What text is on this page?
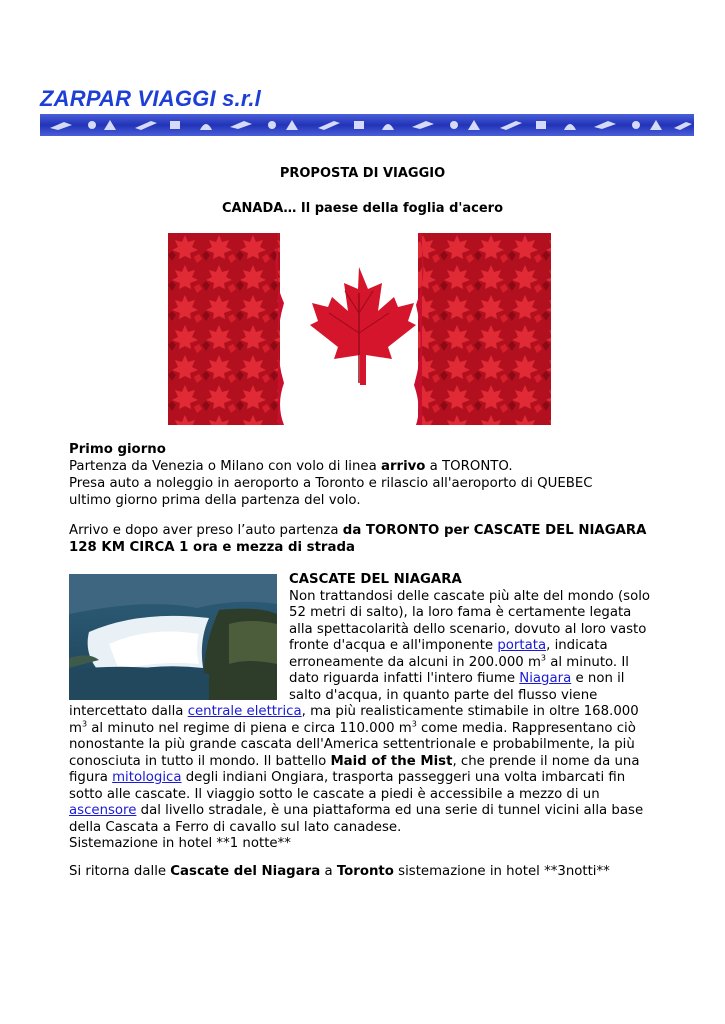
ZARPAR VIAGGI s.r.l
PROPOSTA DI VIAGGIO
CANADA… Il paese della foglia d'acero
Primo giorno
Partenza da Venezia o Milano con volo di linea arrivo a TORONTO.
Presa auto a noleggio in aeroporto a Toronto e rilascio all'aeroporto di QUEBEC
ultimo giorno prima della partenza del volo.
Arrivo e dopo aver preso l’auto partenza da TORONTO per CASCATE DEL NIAGARA 128 KM CIRCA 1 ora e mezza di strada
CASCATE DEL NIAGARA
Non trattandosi delle cascate più alte del mondo (solo 52 metri di salto), la loro fama è certamente legata alla spettacolarità dello scenario, dovuto al loro vasto fronte d'acqua e all'imponente portata, indicata erroneamente da alcuni in 200.000 $m^3$ al minuto. Il dato riguarda infatti l'intero fiume Niagara e non il salto d'acqua, in quanto parte del flusso viene intercettato dalla centrale elettrica, ma più realisticamente stimabile in oltre 168.000 $m^3$ al minuto nel regime di piena e circa 110.000 $m^3$ come media. Rappresentano ciò nonostante la più grande cascata dell'America settentrionale e probabilmente, la più conosciuta in tutto il mondo. Il battello Maid of the Mist, che prende il nome da una figura mitologica degli indiani Ongiara, trasporta passeggeri una volta imbarcati fin sotto alle cascate. Il viaggio sotto le cascate a piedi è accessibile a mezzo di un ascensore dal livello stradale, è una piattaforma ed una serie di tunnel vicini alla base della Cascata a Ferro di cavallo sul lato canadese.
Sistemazione in hotel **1 notte**
Si ritorna dalle Cascate del Niagara a Toronto sistemazione in hotel **3notti**
